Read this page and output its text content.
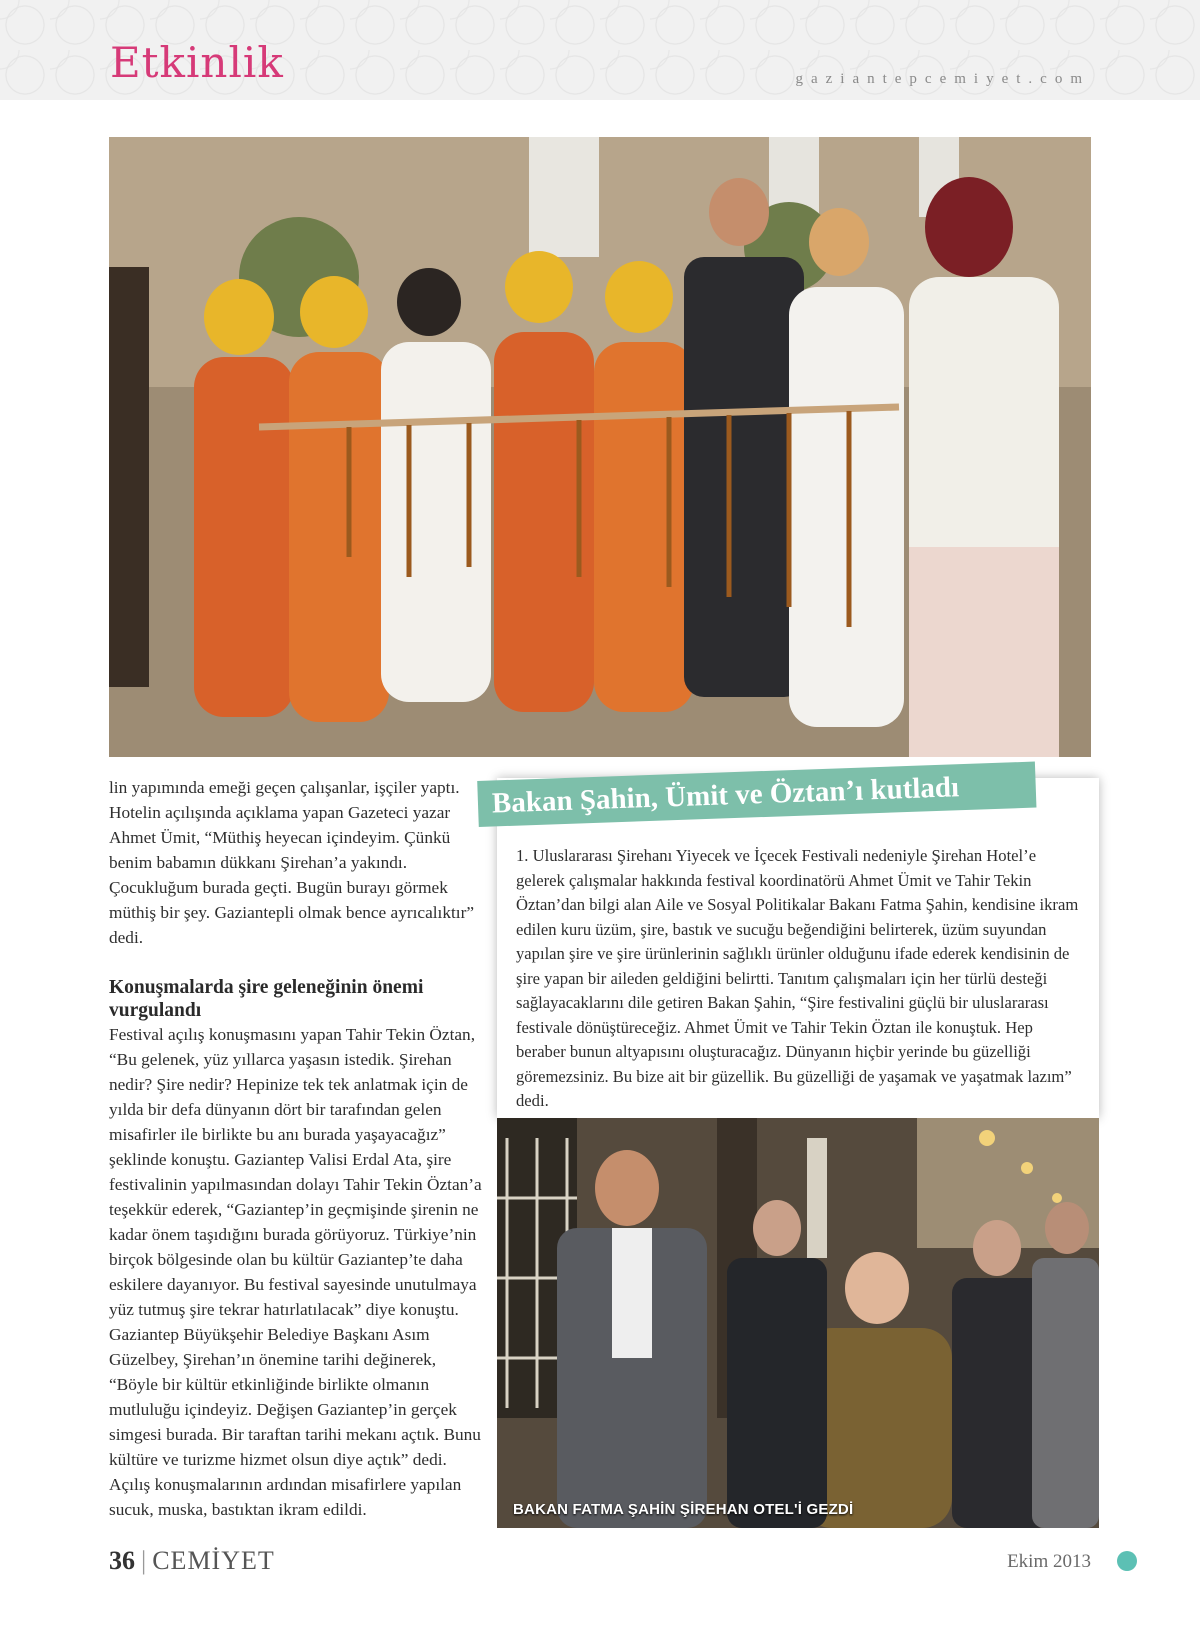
Etkinlik	gaziantepcemiyet.com
lin yapımında emeği geçen çalışanlar, işçiler yaptı. Hotelin açılışında açıklama yapan Gazeteci yazar Ahmet Ümit, “Müthiş heyecan içindeyim. Çünkü benim babamın dükkanı Şirehan’a yakındı. Çocukluğum burada geçti. Bugün burayı görmek müthiş bir şey. Gaziantepli olmak bence ayrıcalıktır” dedi.
Konuşmalarda şire geleneğinin önemi vurgulandı
Festival açılış konuşmasını yapan Tahir Tekin Öztan, “Bu gelenek, yüz yıllarca yaşasın istedik. Şirehan nedir? Şire nedir? Hepinize tek tek anlatmak için de yılda bir defa dünyanın dört bir tarafından gelen misafirler ile birlikte bu anı burada yaşayacağız” şeklinde konuştu. Gaziantep Valisi Erdal Ata, şire festivalinin yapılmasından dolayı Tahir Tekin Öztan’a teşekkür ederek, “Gaziantep’in geçmişinde şirenin ne kadar önem taşıdığını burada görüyoruz. Türkiye’nin birçok bölgesinde olan bu kültür Gaziantep’te daha eskilere dayanıyor. Bu festival sayesinde unutulmaya yüz tutmuş şire tekrar hatırlatılacak” diye konuştu. Gaziantep Büyükşehir Belediye Başkanı Asım Güzelbey, Şirehan’ın önemine tarihi değinerek, “Böyle bir kültür etkinliğinde birlikte olmanın mutluluğu içindeyiz. Değişen Gaziantep’in gerçek simgesi burada. Bir taraftan tarihi mekanı açtık. Bunu kültüre ve turizme hizmet olsun diye açtık” dedi. Açılış konuşmalarının ardından misafirlere yapılan sucuk, muska, bastıktan ikram edildi.
Bakan Şahin, Ümit ve Öztan’ı kutladı
1. Uluslararası Şirehanı Yiyecek ve İçecek Festivali nedeniyle Şirehan Hotel’e gelerek çalışmalar hakkında festival koordinatörü Ahmet Ümit ve Tahir Tekin Öztan’dan bilgi alan Aile ve Sosyal Politikalar Bakanı Fatma Şahin, kendisine ikram edilen kuru üzüm, şire, bastık ve sucuğu beğendiğini belirterek, üzüm suyundan yapılan şire ve şire ürünlerinin sağlıklı ürünler olduğunu ifade ederek kendisinin de şire yapan bir aileden geldiğini belirtti. Tanıtım çalışmaları için her türlü desteği sağlayacaklarını dile getiren Bakan Şahin, “Şire festivalini güçlü bir uluslararası festivale dönüştüreceğiz. Ahmet Ümit ve Tahir Tekin Öztan ile konuştuk. Hep beraber bunun altyapısını oluşturacağız. Dünyanın hiçbir yerinde bu güzelliği göremezsiniz. Bu bize ait bir güzellik. Bu güzelliği de yaşamak ve yaşatmak lazım” dedi.
BAKAN FATMA ŞAHİN ŞİREHAN OTEL'İ GEZDİ
36 | CEMİYET	Ekim 2013
